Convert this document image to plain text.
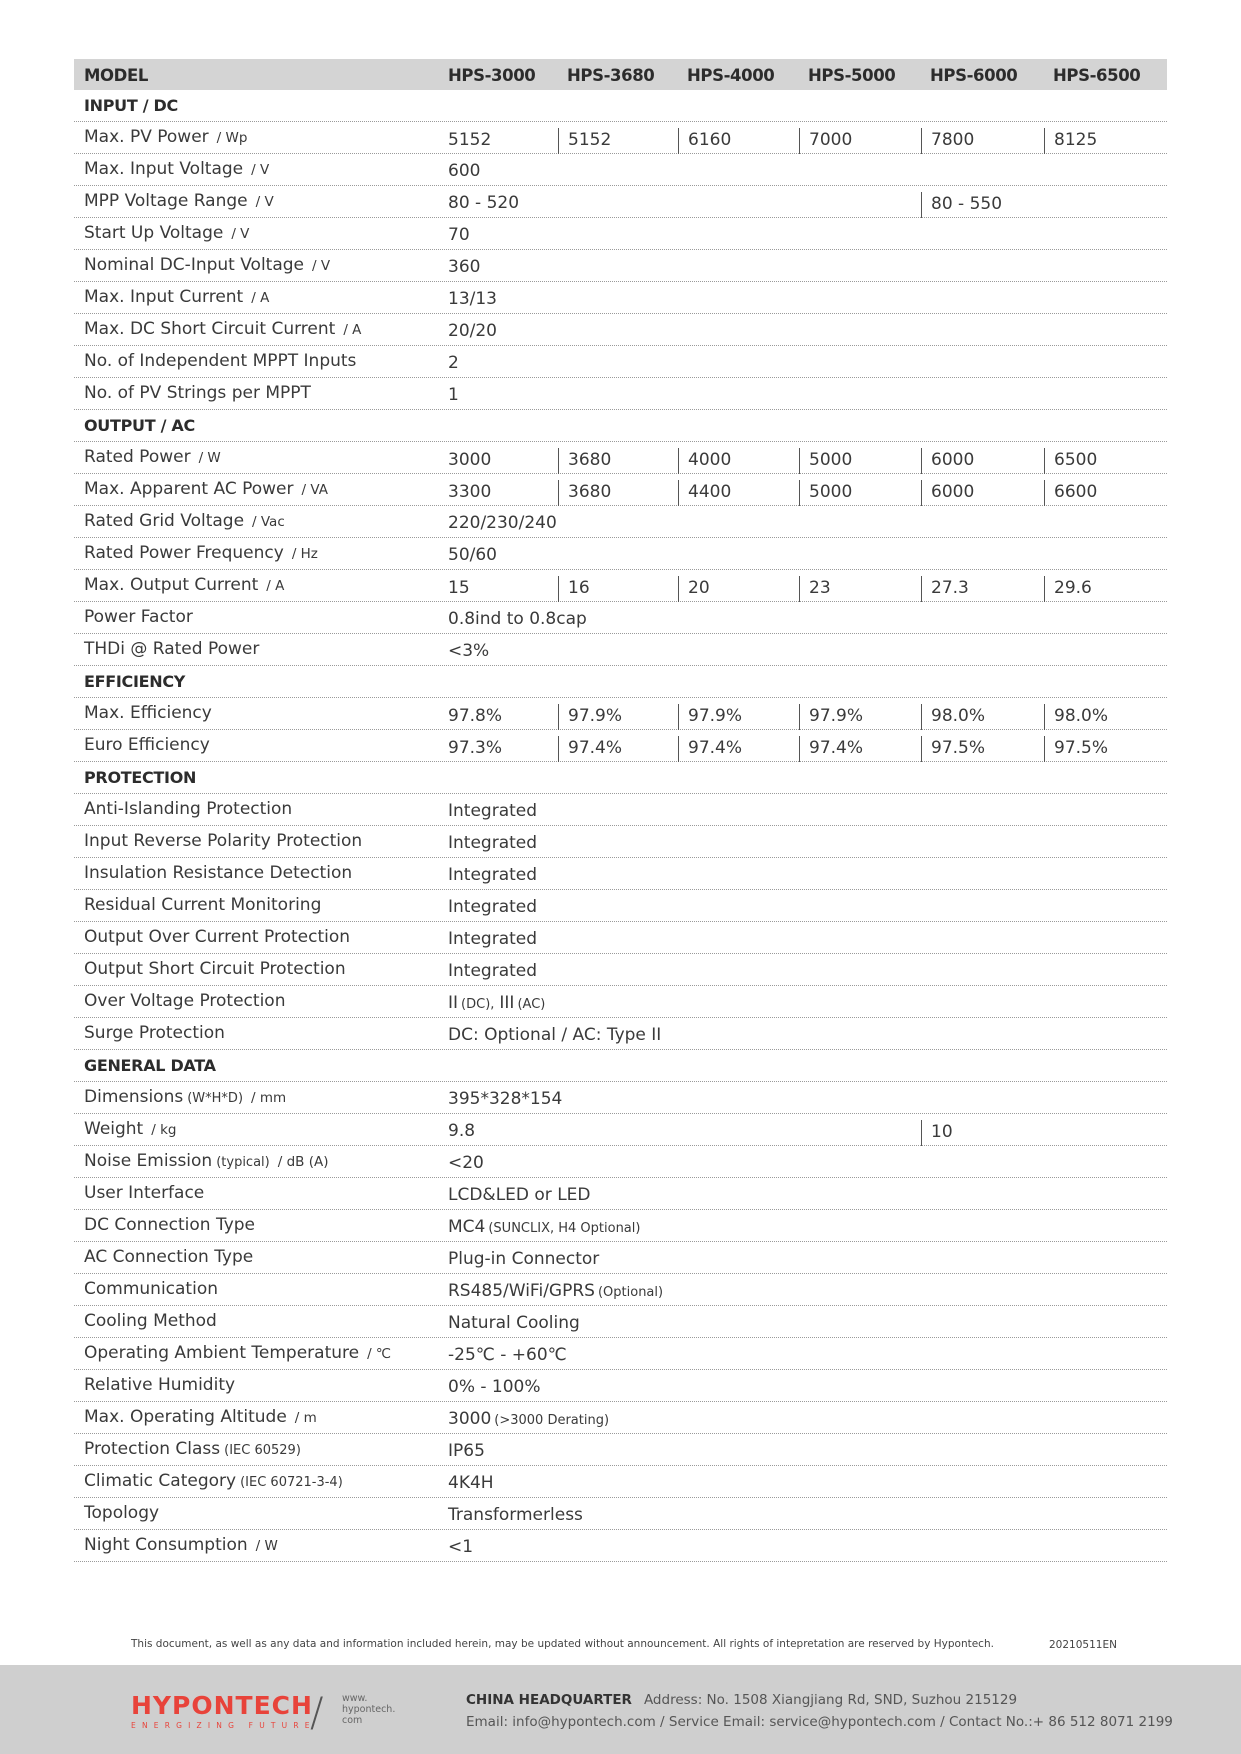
MODEL	HPS-3000 HPS-3680 HPS-4000 HPS-5000 HPS-6000 HPS-6500
INPUT / DC
Max. PV Power / Wp	5152	5152	6160	7000	7800	8125
Max. Input Voltage / V	600
MPP Voltage Range / V	80 - 520	80 - 550
Start Up Voltage / V	70
Nominal DC-Input Voltage / V	360
Max. Input Current / A	13/13
Max. DC Short Circuit Current / A	20/20
No. of Independent MPPT Inputs	2
No. of PV Strings per MPPT	1
OUTPUT / AC
Rated Power / W	3000	3680	4000	5000	6000	6500
Max. Apparent AC Power / VA	3300	3680	4400	5000	6000	6600
Rated Grid Voltage / Vac	220/230/240
Rated Power Frequency / Hz	50/60
Max. Output Current / A	15	16	20	23	27.3	29.6
Power Factor	0.8ind to 0.8cap
THDi @ Rated Power	<3%
EFFICIENCY
Max. Efficiency	97.8%	97.9%	97.9%	97.9%	98.0%	98.0%
Euro Efficiency	97.3%	97.4%	97.4%	97.4%	97.5%	97.5%
PROTECTION
Anti-Islanding Protection	Integrated
Input Reverse Polarity Protection	Integrated
Insulation Resistance Detection	Integrated
Residual Current Monitoring	Integrated
Output Over Current Protection	Integrated
Output Short Circuit Protection	Integrated
Over Voltage Protection	II (DC), III (AC)
Surge Protection	DC: Optional / AC: Type II
GENERAL DATA
Dimensions (W*H*D) / mm	395*328*154
Weight / kg	9.8	10
Noise Emission (typical) / dB (A)	<20
User Interface	LCD&LED or LED
DC Connection Type	MC4 (SUNCLIX, H4 Optional)
AC Connection Type	Plug-in Connector
Communication	RS485/WiFi/GPRS (Optional)
Cooling Method	Natural Cooling
Operating Ambient Temperature / ℃	-25℃ - +60℃
Relative Humidity	0% - 100%
Max. Operating Altitude / m	3000 (>3000 Derating)
Protection Class (IEC 60529)	IP65
Climatic Category (IEC 60721-3-4)	4K4H
Topology	Transformerless
Night Consumption / W	<1
This document, as well as any data and information included herein, may be updated without announcement. All rights of intepretation are reserved by Hypontech.	20210511EN
HYPONTECH
ENERGIZING FUTURE
/ www. hypontech. com
CHINA HEADQUARTER Address: No. 1508 Xiangjiang Rd, SND, Suzhou 215129
Email: info@hypontech.com / Service Email: service@hypontech.com / Contact No.:+ 86 512 8071 2199
